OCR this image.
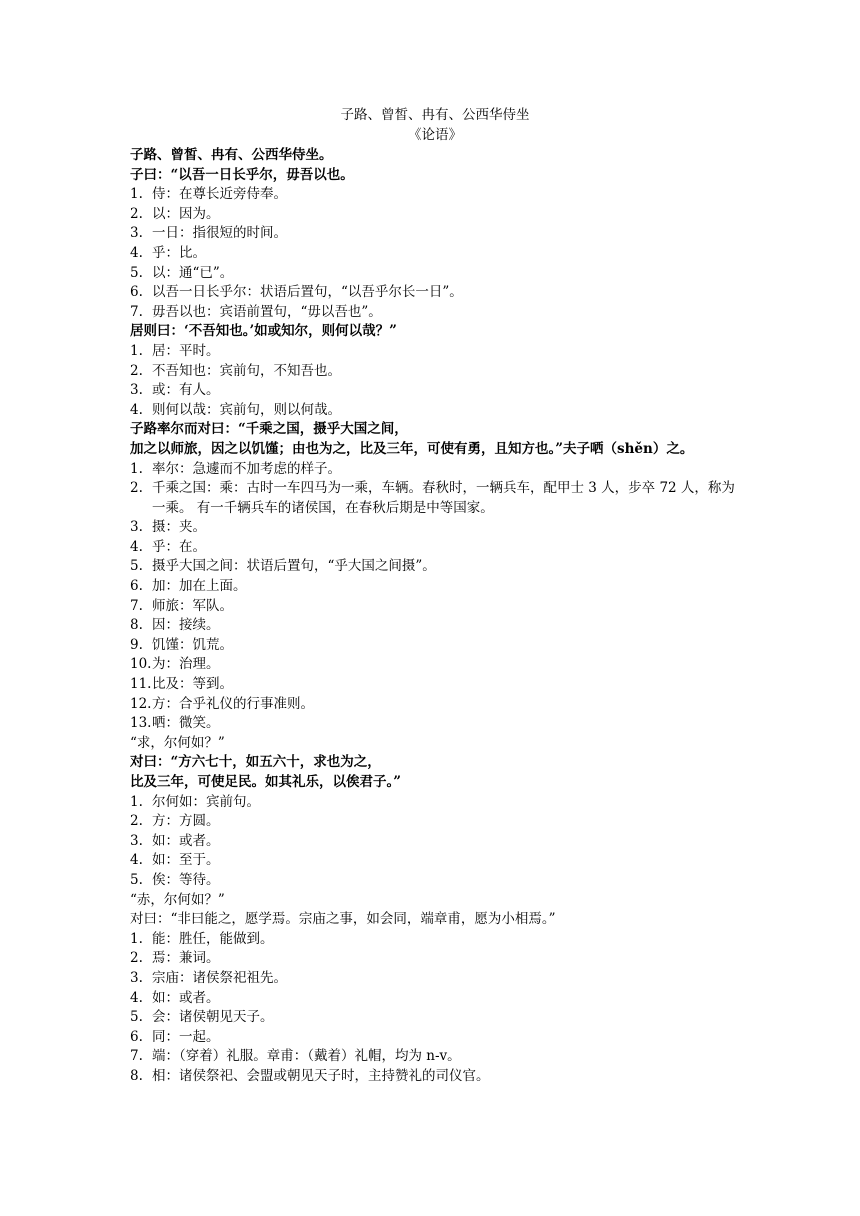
子路、曾皙、冉有、公西华侍坐
《论语》
子路、曾皙、冉有、公西华侍坐。
子曰：“以吾一日长乎尔，毋吾以也。
1. 侍：在尊长近旁侍奉。
2. 以：因为。
3. 一日：指很短的时间。
4. 乎：比。
5. 以：通“已”。
6. 以吾一日长乎尔：状语后置句，“以吾乎尔长一日”。
7. 毋吾以也：宾语前置句，“毋以吾也”。
居则曰：‘不吾知也。’如或知尔，则何以哉？”
1. 居：平时。
2. 不吾知也：宾前句，不知吾也。
3. 或：有人。
4. 则何以哉：宾前句，则以何哉。
子路率尔而对曰：“千乘之国，摄乎大国之间，
加之以师旅，因之以饥馑；由也为之，比及三年，可使有勇，且知方也。”夫子哂（shěn）之。
1. 率尔：急遽而不加考虑的样子。
2. 千乘之国：乘：古时一车四马为一乘，车辆。春秋时，一辆兵车，配甲士 3 人，步卒 72 人，称为一乘。 有一千辆兵车的诸侯国，在春秋后期是中等国家。
3. 摄：夹。
4. 乎：在。
5. 摄乎大国之间：状语后置句，“乎大国之间摄”。
6. 加：加在上面。
7. 师旅：军队。
8. 因：接续。
9. 饥馑：饥荒。
10. 为：治理。
11. 比及：等到。
12. 方：合乎礼仪的行事准则。
13. 哂：微笑。
“求，尔何如？”
对曰：“方六七十，如五六十，求也为之，
比及三年，可使足民。如其礼乐，以俟君子。”
1. 尔何如：宾前句。
2. 方：方圆。
3. 如：或者。
4. 如：至于。
5. 俟：等待。
“赤，尔何如？”
对曰：“非曰能之，愿学焉。宗庙之事，如会同，端章甫，愿为小相焉。”
1. 能：胜任，能做到。
2. 焉：兼词。
3. 宗庙：诸侯祭祀祖先。
4. 如：或者。
5. 会：诸侯朝见天子。
6. 同：一起。
7. 端：（穿着）礼服。章甫：（戴着）礼帽，均为 n-v。
8. 相：诸侯祭祀、会盟或朝见天子时，主持赞礼的司仪官。
